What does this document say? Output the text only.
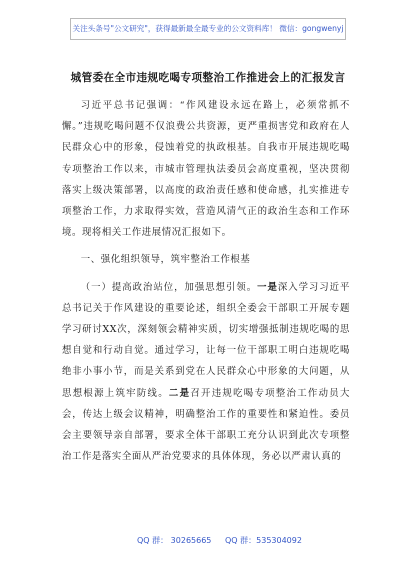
关注头条号"公文研究"，获得最新最全最专业的公文资料库！ 微信：gongwenyj
城管委在全市违规吃喝专项整治工作推进会上的汇报发言

习近平总书记强调：“作风建设永远在路上，必须常抓不懈。”违规吃喝问题不仅浪费公共资源，更严重损害党和政府在人民群众心中的形象，侵蚀着党的执政根基。自我市开展违规吃喝专项整治工作以来，市城市管理执法委员会高度重视，坚决贯彻落实上级决策部署，以高度的政治责任感和使命感，扎实推进专项整治工作，力求取得实效，营造风清气正的政治生态和工作环境。现将相关工作进展情况汇报如下。

一、强化组织领导，筑牢整治工作根基

（一）提高政治站位，加强思想引领。一是深入学习习近平总书记关于作风建设的重要论述，组织全委会干部职工开展专题学习研讨XX次，深刻领会精神实质，切实增强抵制违规吃喝的思想自觉和行动自觉。通过学习，让每一位干部职工明白违规吃喝绝非小事小节，而是关系到党在人民群众心中形象的大问题，从思想根源上筑牢防线。二是召开违规吃喝专项整治工作动员大会，传达上级会议精神，明确整治工作的重要性和紧迫性。委员会主要领导亲自部署，要求全体干部职工充分认识到此次专项整治工作是落实全面从严治党要求的具体体现，务必以严肃认真的

QQ 群： 30265665 QQ 群：535304092
